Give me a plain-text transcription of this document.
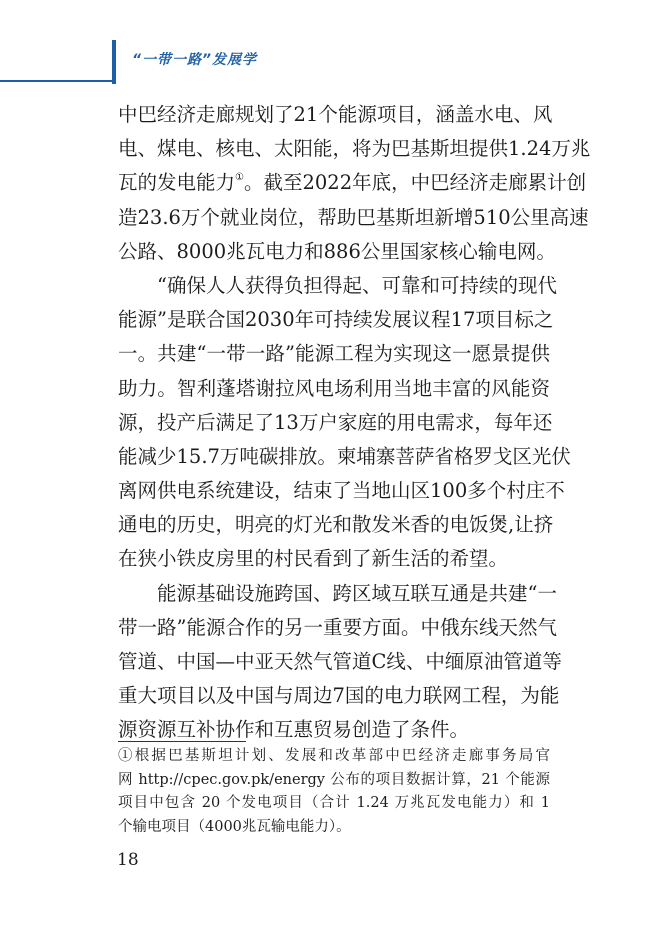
“一带一路”发展学
中巴经济走廊规划了21个能源项目，涵盖水电、风
电、煤电、核电、太阳能，将为巴基斯坦提供1.24万兆
瓦的发电能力①。截至2022年底，中巴经济走廊累计创
造23.6万个就业岗位，帮助巴基斯坦新增510公里高速
公路、8000兆瓦电力和886公里国家核心输电网。
“确保人人获得负担得起、可靠和可持续的现代
能源”是联合国2030年可持续发展议程17项目标之
一。共建“一带一路”能源工程为实现这一愿景提供
助力。智利蓬塔谢拉风电场利用当地丰富的风能资
源，投产后满足了13万户家庭的用电需求，每年还
能减少15.7万吨碳排放。柬埔寨菩萨省格罗戈区光伏
离网供电系统建设，结束了当地山区100多个村庄不
通电的历史，明亮的灯光和散发米香的电饭煲,让挤
在狭小铁皮房里的村民看到了新生活的希望。
能源基础设施跨国、跨区域互联互通是共建“一
带一路”能源合作的另一重要方面。中俄东线天然气
管道、中国—中亚天然气管道C线、中缅原油管道等
重大项目以及中国与周边7国的电力联网工程，为能
源资源互补协作和互惠贸易创造了条件。
①根据巴基斯坦计划、发展和改革部中巴经济走廊事务局官
网 http://cpec.gov.pk/energy 公布的项目数据计算，21 个能源
项目中包含 20 个发电项目（合计 1.24 万兆瓦发电能力）和 1
个输电项目（4000兆瓦输电能力）。
18
